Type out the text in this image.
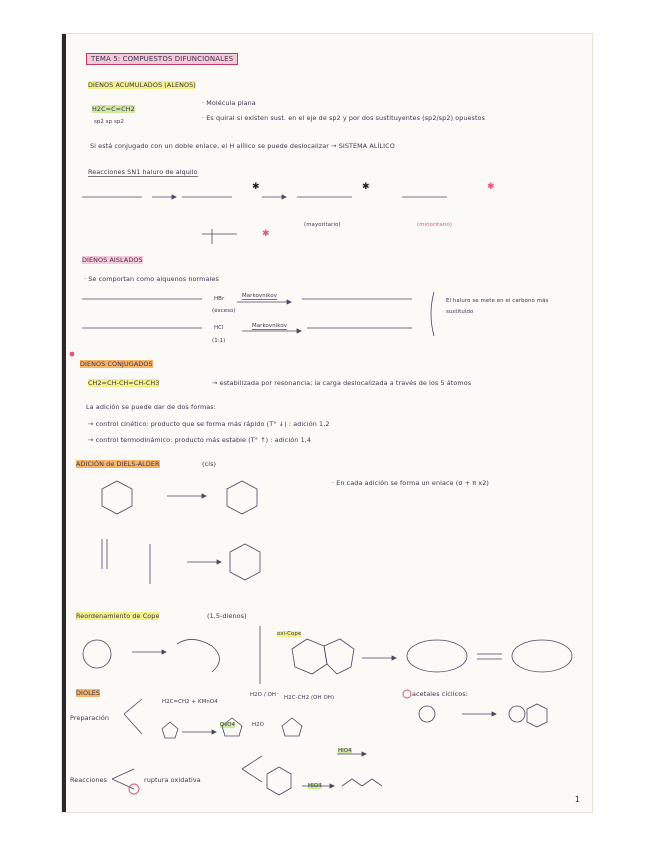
TEMA 5: COMPUESTOS DIFUNCIONALES
DIENOS ACUMULADOS (ALENOS)
H2C=C=CH2
sp2 sp sp2
· Molécula plana
· Es quiral si existen sust. en el eje de sp2 y por dos sustituyentes (sp2/sp2) opuestos
Si está conjugado con un doble enlace, el H alílico se puede deslocalizar → SISTEMA ALÍLICO
Reacciones SN1 haluro de alquilo
(mayoritario)	(minoritario)
DIENOS AISLADOS
· Se comportan como alquenos normales
HBr
(exceso)
Markovnikov
HCl
(1:1)
Markovnikov
El haluro se mete en el carbono más sustituido
DIENOS CONJUGADOS
CH2=CH-CH=CH-CH3	→ estabilizada por resonancia; la carga deslocalizada a través de los 5 átomos
La adición se puede dar de dos formas:
→ control cinético: producto que se forma más rápido (T° ↓) : adición 1,2
→ control termodinámico: producto más estable (T° ↑) : adición 1,4
ADICIÓN de DIELS-ALDER	(cis)
· En cada adición se forma un enlace (σ + π x2)
Reordenamiento de Cope	(1,5-dienos)
oxi-Cope
DIOLES
Preparación
H2C=CH2 + KMnO4
H2O / OH⁻ H2C-CH2 (OH OH)	acetales cíclicos:
OsO4	H2O
Reacciones	ruptura oxidativa
HIO4
HIO4
1
✱
✱
✱	✱
